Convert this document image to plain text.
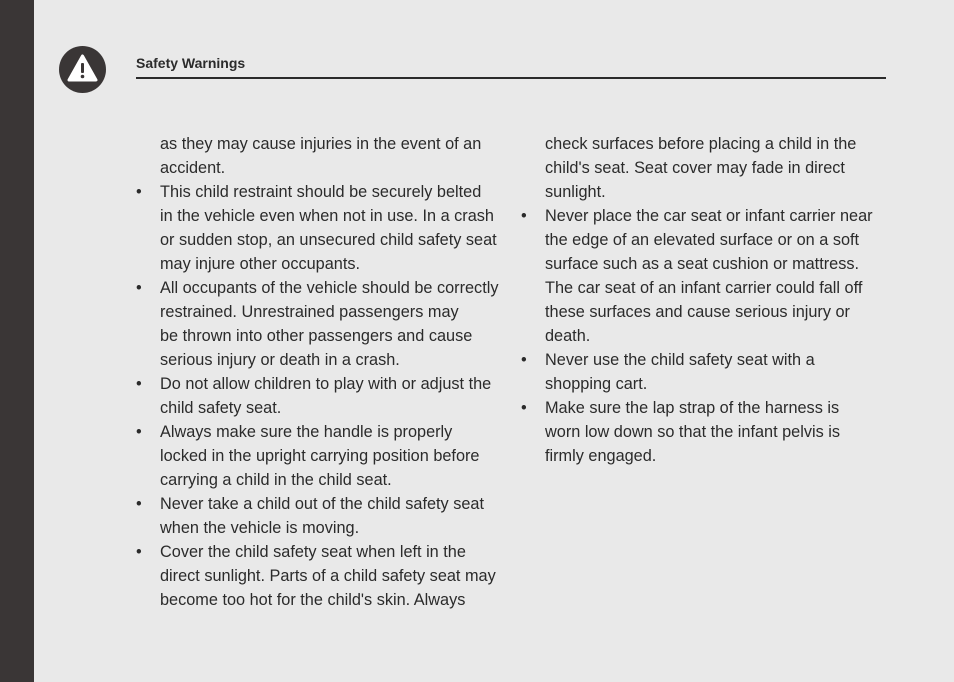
Safety Warnings
as they may cause injuries in the event of an
accident.
•	This child restraint should be securely belted
in the vehicle even when not in use. In a crash
or sudden stop, an unsecured child safety seat
may injure other occupants.
•	All occupants of the vehicle should be correctly
restrained. Unrestrained passengers may
be thrown into other passengers and cause
serious injury or death in a crash.
•	Do not allow children to play with or adjust the
child safety seat.
•	Always make sure the handle is properly
locked in the upright carrying position before
carrying a child in the child seat.
•	Never take a child out of the child safety seat
when the vehicle is moving.
•	Cover the child safety seat when left in the
direct sunlight. Parts of a child safety seat may
become too hot for the child's skin. Always
check surfaces before placing a child in the
child's seat. Seat cover may fade in direct
sunlight.
•	Never place the car seat or infant carrier near
the edge of an elevated surface or on a soft
surface such as a seat cushion or mattress.
The car seat of an infant carrier could fall off
these surfaces and cause serious injury or
death.
•	Never use the child safety seat with a
shopping cart.
•	Make sure the lap strap of the harness is
worn low down so that the infant pelvis is
firmly engaged.
